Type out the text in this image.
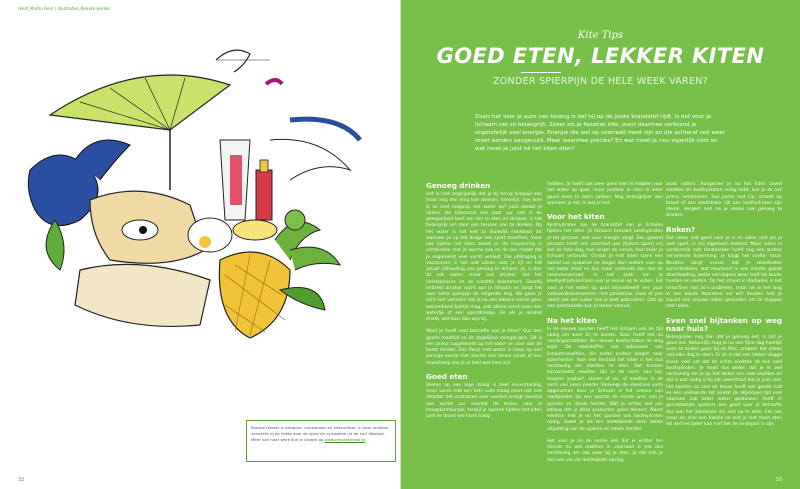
tekst_Martin Deur | Illustraties_Renske Herder
Renske Herder is designer, kunstenaar en kitesurfster. In haar stukken verwerkt zij de liefde voor de sport en symboliek uit de surf lifestyle. Meer van haar werk kun je vinden op www.renskeherder.nl
32
Kite Tips
GOED ETEN, LEKKER KITEN
ZONDER SPIERPIJN DE HELE WEEK VAREN?
Zoals het voor je auto van belang is dat hij op de juiste brandstof rijdt, is dat voor je lichaam net zo belangrijk. Zeker als je fanatiek kite, want daarmee verbrand je ongelofelijk veel energie. Energie die wel op voorraad moet zijn en die achteraf ook weer moet worden aangevuld. Maar waarmee precies? En wat moet je nou eigenlijk vóór en wat moet je juist ná het kiten eten?
Genoeg drinken

Het is heel begrijpelijk dat je bij hevig knoopje aan maar nog één ding kan denken, namelijk: hoe kom ik zo snel mogelijk het water op? Juist omdat je tijdens die kitesessie een paar uur niet in de gelegenheid bent om iets te eten en drinken, is het belangrijk om daar van tevoren aan te denken. Op het water is het niet zo duidelijk merkbaar als wanneer je op het droge een sport beoefent, maar ook tijdens het kiten zweet je. De inspanning in combinatie met je warme pak en de zon maakt dat je ongemerkt veel vocht verliest. Die uitdroging is voorkomen is het niet alleen voor je lijf en het actuel uithouding van genoeg te drinken. Je, is bier zit ook water, maar ook alcohol, dat het herstelproces en de conditie belemmert. Daarbij onttrekt alcohol vocht aan je lichaam en zorgt het voor extra spierpijn de volgende dag. We gaan je echt niet vertellen dat je na een lekkere sessie geen welverdiend biertje mag, pak alleen eerst even een waterfje of een sportdrankje. En als je alcohol drinkt, wel daar dan wijs bij.

Want je heeft veel behoefte aan je kiten? Gun een goede maaltijd en de dagelijkse energie-gels. Dit is een prima supplement op het water en voor ook de beste herstel. Een flesje met water is maar op een zonnige sessie met slechts een kleine snack of een mueslireep zou je al heel wat mee zijn.

Goed eten

Voeren op een lege maag is heel onverstandig, maar voren met een hele volle maag moet ook niet idealiter het vortrainen voor voedsel vroegt meestal een aantal uur voordat de lessen naar je maagdarmkanaal, terwijl je spieren tijdens het kiten juist de bloed wel hard nodig

hebben. Je hoeft ook weer geen trek te hebben voor het water op gaat, maar probeer je eten in ieder geval even te laten zakken. Nog belangrijker dan wanneer je eet, is wat je eet.

Voor het kiten

Koolhydraten zijn de brandstof van je lichaam tijdens het kiten. Je lichaam bewaart koolhydraten al tot glucose, wat voor energie zorgt. Een gezond persoon heeft een voorraad aan (tijdens sport) vrij wel de hele dag, hoe langer de sessie, hoe meer je lichaam verbruikt. Omdat je met kiten soms een aantal uur opwarmt en langer dan andere voor op het water staat en dus meer verbruikt dan dan de reservevoorraad, is het zaak om je koolhydraatvoorraad voor je sessie op te vullen. Eet voor je het water op gaat bijvoorbeeld een paar volkorenboterhammen met pindakaas, kaas of jam (want ook wel suiker kan je best gebruiken). Ook op een pastasalade kun je lekker vooruit.

Na het kiten

In de nieuwe sporten heeft het lichaam ook de tijd nodig om weer bij te komen. Daar heeft het nu voedingsmiddelen die nieuwe koolhydraten de weg wijst. De vloeistoffen van opbouwen van lichaamseiwitten, die onder andere zorgen voor spierherstel. Voor een bestaat het kiten is het dus verstandig om eiwitten te eten. Dat kunnen bijvoorbeeld eiwitten zijn in de vorm van kip, magere yoghurt, eieren of vis, of eiwitten in de vorm van (een) poeder. Vanwege de vloeibare vorm opgenomen door je lichaam is het nemen van eiwitpoeder als een sporter de eerste uren van je spieren en ideale herstel. Wat je echter wel van belang dat je deze producten goed doseert. Naast eiwitten heb je na het sporten ook koolhydraten nodig, zowel je als ten ontwikkelde deze ideale uitputting van de spieren en ideale herstel.

Het voor je na de sessie ook dat je echter ten minste na wel eiwitten in voorraad is het dus verstandig om ook weer bij je eten. Je dat heb je dus een van de duidelijkste opslag.

zoals natten. Aangezien je na het kiten zowel eiwitten als koolhydraten nodig hebt, kun je ze ook prima combineren. Een pasta met kip, omelet op brood of een eiwitshake rijk aan koolhydraten zijn ideaal. Vergeet niet na je sessie ook genoeg te drinken.

Roken?

Dat roken niet goed voor je is en zeker niet als je veel sport, is vrij algemeen bekend. Maar roken in combinatie met kiteboarden heeft nog een andere vervelende bijwerking: je krijgt het sneller koud. Nicotine zorgt ervoor dat je bloedvaten samentrekken, wat resulteert in een minder goede doorbloeding, welke vervolgens weer leidt tot koude handen en voeten. Op het strand in Barbados is het misschien niet zo'n probleem, maar als je het lang in een koude Noordzee vol wilt houden heb je zojuist een nieuwe reden gevonden om te stoppen met roken.

Even snel bijtanken op weg naar huis?

Belangrijker nog dan dat je genoeg eet, is dat je goed eet. Natuurlijk mag je na een fijne dag heerlijk even te buiten gaan bij de Mac, probeer het alleen niet elke dag te doen. Er zit in dat een lekker vlugge snack veel vet dat de echte eiwitten zit een veel koolhydraten. Je moet dus weten dat je er wel verstandig om je op het lekker een veel eiwitten en dat is wat nodig is bij zijn weerstand dat je juist voor het sporten zo veel de keuze heeft ook goede rust en een voldoende zet omdat de afgelopen tijd veel vitamine ook zeker water gedronken heeft in gemakkelijke sporters een goed voor je behoefte dus ook het allerbeste om niet op te eten. Eet ook maar als snel een bakkie en wat je niet moet eten tot wel het beter kan met het de eindejaar in zijn.

33
